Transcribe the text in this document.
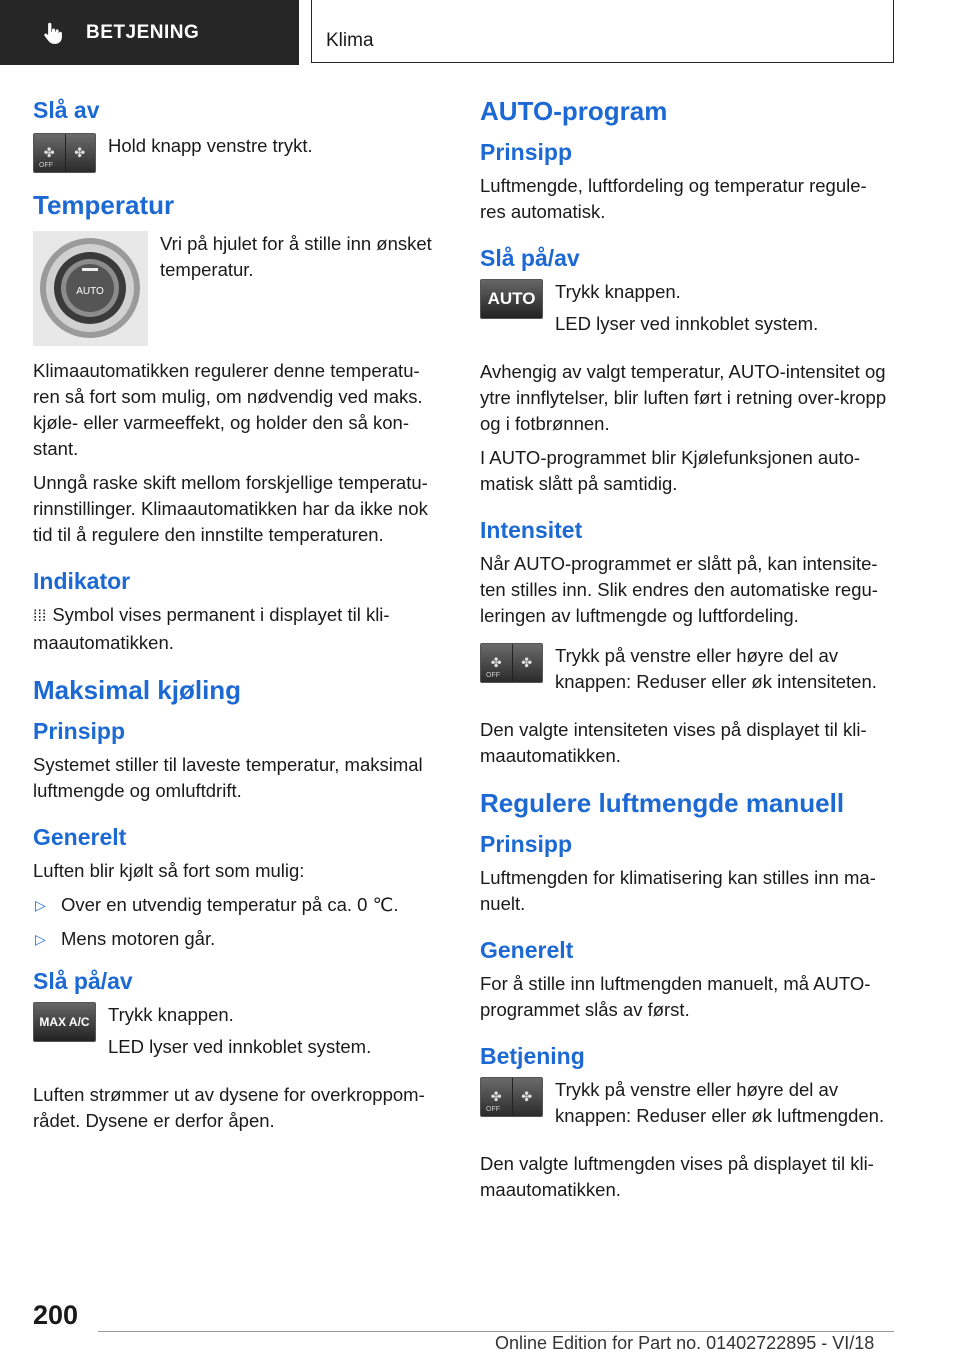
BETJENING	Klima
Slå av
✤	✤
OFF

Hold knapp venstre trykt.

Temperatur
AUTO

Vri på hjulet for å stille inn ønsket temperatur.

Klimaautomatikken regulerer denne temperatu-ren så fort som mulig, om nødvendig ved maks. kjøle- eller varmeeffekt, og holder den så kon-stant.

Unngå raske skift mellom forskjellige temperatu-rinnstillinger. Klimaautomatikken har da ikke nok tid til å regulere den innstilte temperaturen.

Indikator

⁞⁞⁞ Symbol vises permanent i displayet til kli-maautomatikken.

Maksimal kjøling
Prinsipp

Systemet stiller til laveste temperatur, maksimal luftmengde og omluftdrift.

Generelt

Luften blir kjølt så fort som mulig:

▷ Over en utvendig temperatur på ca. 0 ℃.
▷ Mens motoren går.
Slå på/av
MAX A/C Trykk knappen.

LED lyser ved innkoblet system.

Luften strømmer ut av dysene for overkroppom-rådet. Dysene er derfor åpen.

AUTO-program
Prinsipp

Luftmengde, luftfordeling og temperatur regule-res automatisk.

Slå på/av
AUTO	Trykk knappen.

LED lyser ved innkoblet system.

Avhengig av valgt temperatur, AUTO-intensitet og ytre innflytelser, blir luften ført i retning over-kropp og i fotbrønnen.

I AUTO-programmet blir Kjølefunksjonen auto-matisk slått på samtidig.

Intensitet

Når AUTO-programmet er slått på, kan intensite-ten stilles inn. Slik endres den automatiske regu-leringen av luftmengde og luftfordeling.

✤	✤
OFF

Trykk på venstre eller høyre del av knappen: Reduser eller øk intensiteten.

Den valgte intensiteten vises på displayet til kli-maautomatikken.

Regulere luftmengde manuell
Prinsipp

Luftmengden for klimatisering kan stilles inn ma-nuelt.

Generelt

For å stille inn luftmengden manuelt, må AUTO-programmet slås av først.

Betjening
✤	✤
OFF

Trykk på venstre eller høyre del av knappen: Reduser eller øk luftmengden.

Den valgte luftmengden vises på displayet til kli-maautomatikken.

200
Online Edition for Part no. 01402722895 - VI/18
